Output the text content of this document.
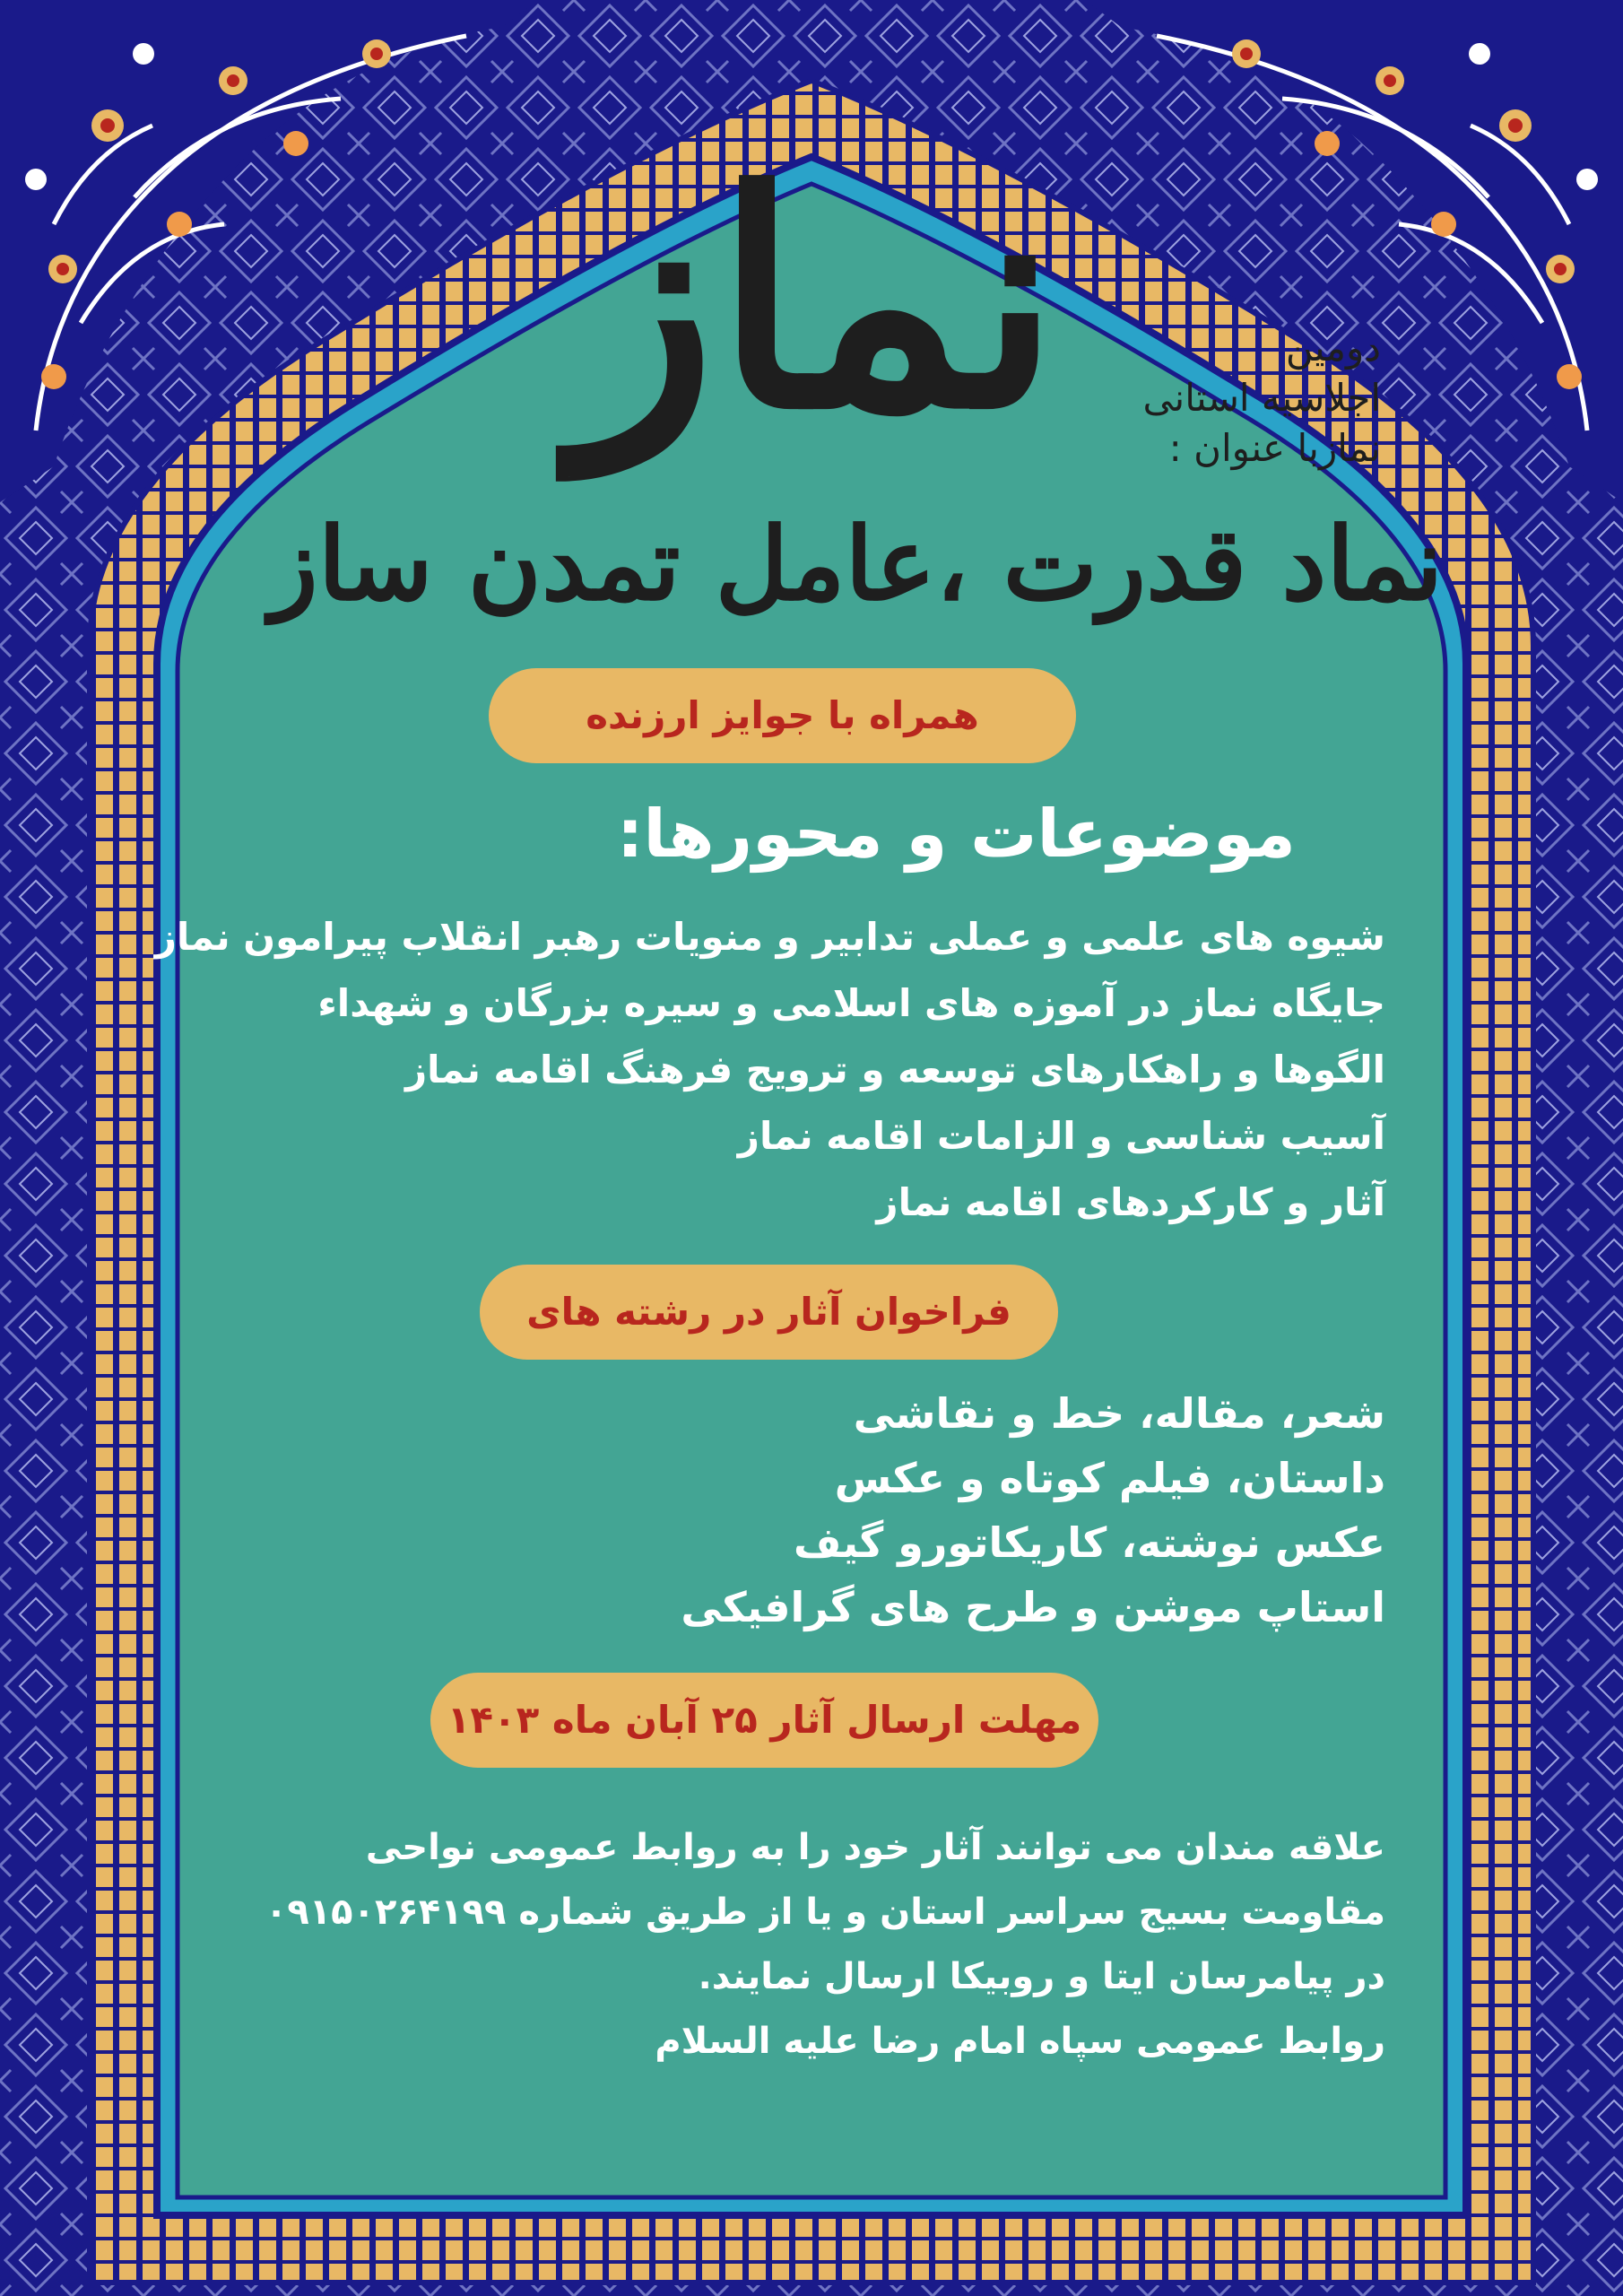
نماز	دومین
اجلاسیه استانی
نمازبا عنوان :
نماد قدرت ،عامل تمدن ساز
همراه با جوایز ارزنده
موضوعات و محورها:
شیوه های علمی و عملی تدابیر و منویات رهبر انقلاب پیرامون نماز
جایگاه نماز در آموزه های اسلامی و سیره بزرگان و شهداء
الگوها و راهکارهای توسعه و ترویج فرهنگ اقامه نماز
آسیب شناسی و الزامات اقامه نماز
آثار و کارکردهای اقامه نماز
فراخوان آثار در رشته های
شعر، مقاله، خط و نقاشی
داستان، فیلم کوتاه و عکس
عکس نوشته، کاریکاتورو گیف
استاپ موشن و طرح های گرافیکی
مهلت ارسال آثار ۲۵ آبان ماه ۱۴۰۳
علاقه مندان می توانند آثار خود را به روابط عمومی نواحی
مقاومت بسیج سراسر استان و یا از طریق شماره ۰۹۱۵۰۲۶۴۱۹۹
در پیامرسان ایتا و روبیکا ارسال نمایند.
روابط عمومی سپاه امام رضا علیه السلام
